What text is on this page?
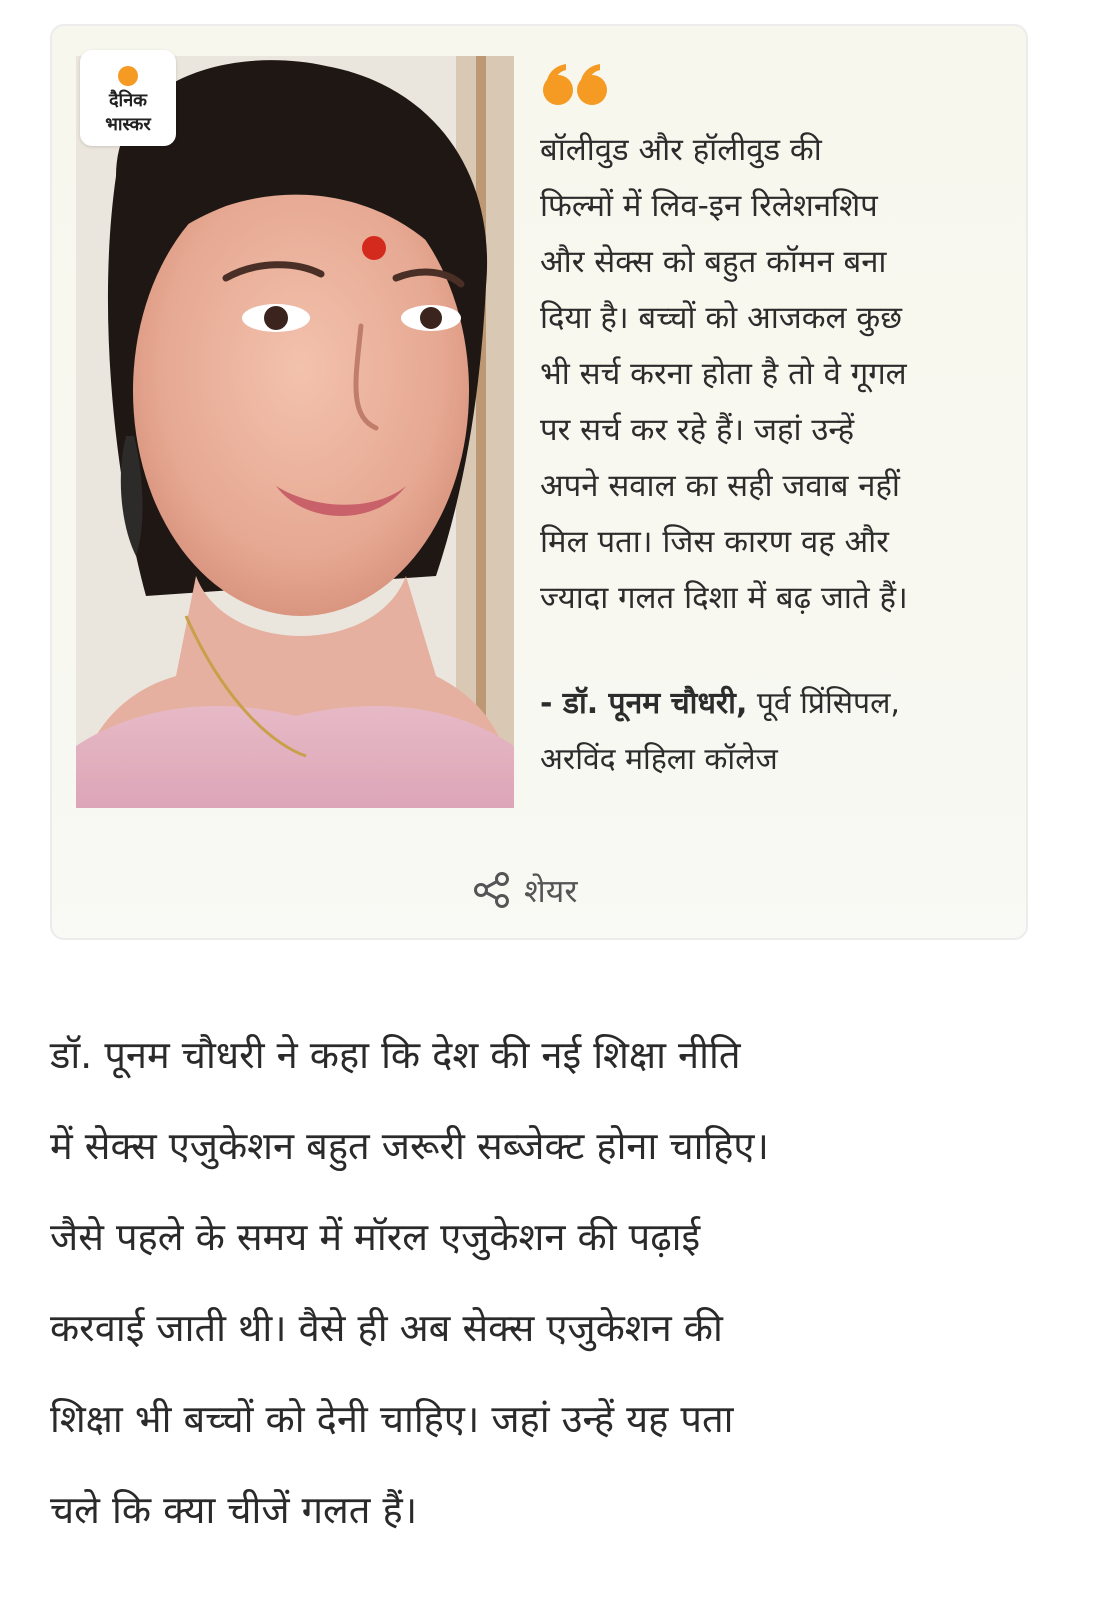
दैनिक
भास्कर
बॉलीवुड और हॉलीवुड की
फिल्मों में लिव-इन रिलेशनशिप
और सेक्स को बहुत कॉमन बना
दिया है। बच्चों को आजकल कुछ
भी सर्च करना होता है तो वे गूगल
पर सर्च कर रहे हैं। जहां उन्हें
अपने सवाल का सही जवाब नहीं
मिल पता। जिस कारण वह और
ज्यादा गलत दिशा में बढ़ जाते हैं।
- डॉ. पूनम चौधरी, पूर्व प्रिंसिपल,
अरविंद महिला कॉलेज
शेयर
डॉ. पूनम चौधरी ने कहा कि देश की नई शिक्षा नीति
में सेक्स एजुकेशन बहुत जरूरी सब्जेक्ट होना चाहिए।
जैसे पहले के समय में मॉरल एजुकेशन की पढ़ाई
करवाई जाती थी। वैसे ही अब सेक्स एजुकेशन की
शिक्षा भी बच्चों को देनी चाहिए। जहां उन्हें यह पता
चले कि क्या चीजें गलत हैं।
